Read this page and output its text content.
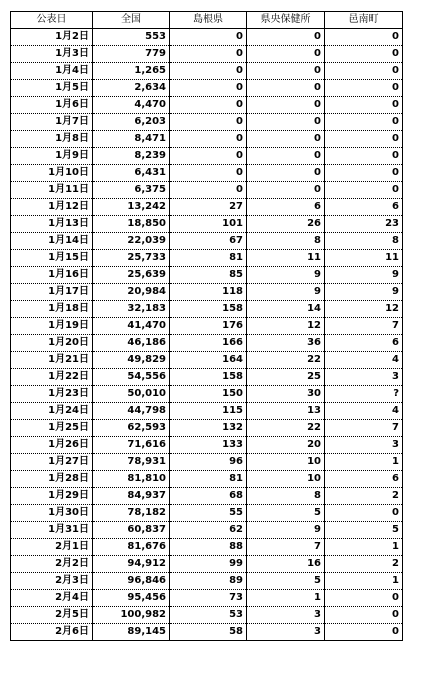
公表日	全国	島根県	県央保健所	邑南町
1月2日	553	0	0	0
1月3日	779	0	0	0
1月4日	1,265	0	0	0
1月5日	2,634	0	0	0
1月6日	4,470	0	0	0
1月7日	6,203	0	0	0
1月8日	8,471	0	0	0
1月9日	8,239	0	0	0
1月10日	6,431	0	0	0
1月11日	6,375	0	0	0
1月12日	13,242	27	6	6
1月13日	18,850	101	26	23
1月14日	22,039	67	8	8
1月15日	25,733	81	11	11
1月16日	25,639	85	9	9
1月17日	20,984	118	9	9
1月18日	32,183	158	14	12
1月19日	41,470	176	12	7
1月20日	46,186	166	36	6
1月21日	49,829	164	22	4
1月22日	54,556	158	25	3
1月23日	50,010	150	30	?
1月24日	44,798	115	13	4
1月25日	62,593	132	22	7
1月26日	71,616	133	20	3
1月27日	78,931	96	10	1
1月28日	81,810	81	10	6
1月29日	84,937	68	8	2
1月30日	78,182	55	5	0
1月31日	60,837	62	9	5
2月1日	81,676	88	7	1
2月2日	94,912	99	16	2
2月3日	96,846	89	5	1
2月4日	95,456	73	1	0
2月5日	100,982	53	3	0
2月6日	89,145	58	3	0
